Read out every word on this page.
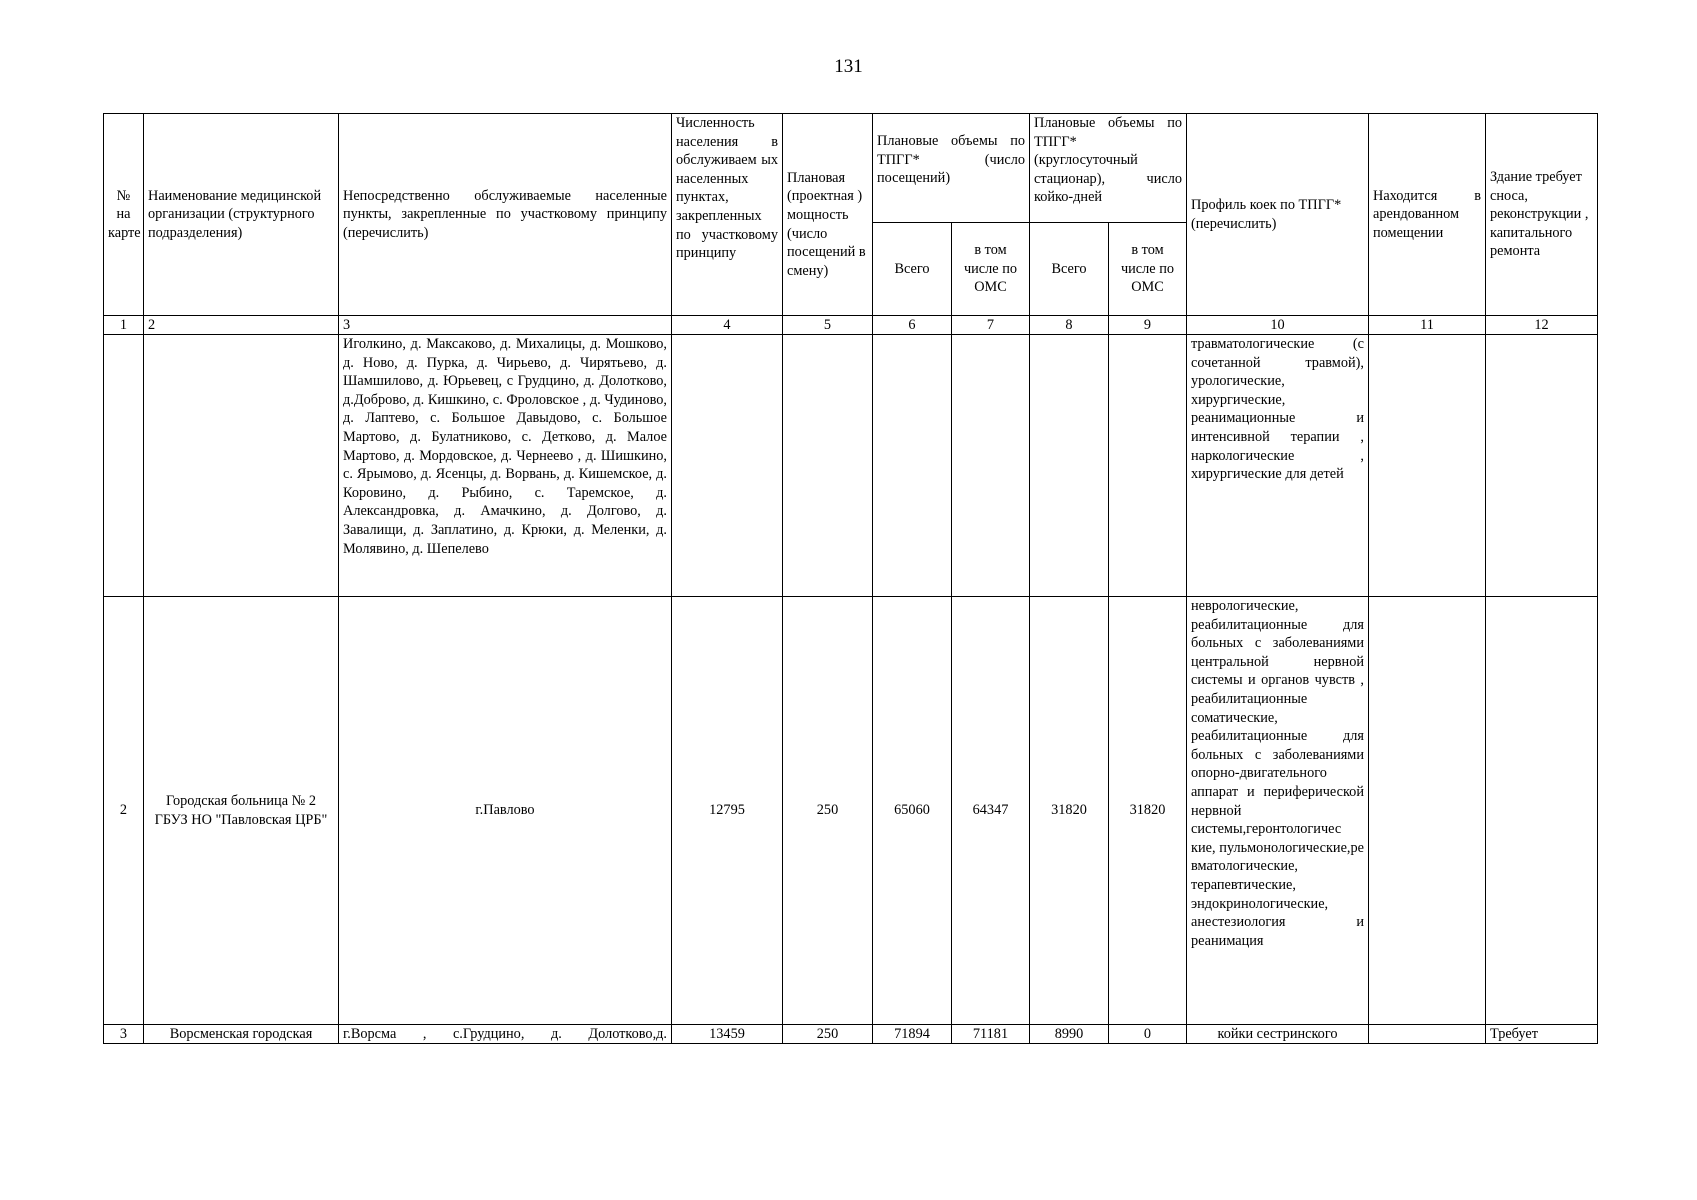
131
№ на карте	Наименование медицинской организации (структурного подразделения)	Непосредственно обслуживаемые населенные пункты, закрепленные по участковому принципу (перечислить)	Численность населения в обслуживаем ых населенных пунктах, закрепленных по участковому принципу	Плановая (проектная ) мощность (число посещений в смену)	Плановые объемы по ТПГГ* (число посещений)		Плановые объемы по ТПГГ* (круглосуточный стационар), число койко-дней		Профиль коек по ТПГГ* (перечислить)	Находится в арендованном помещении	Здание требует сноса, реконструкции , капитального ремонта
					Всего	в том числе по ОМС	Всего	в том числе по ОМС			
1	2	3	4	5	6	7	8	9	10	11	12
		Иголкино, д. Максаково, д. Михалицы, д. Мошково, д. Ново, д. Пурка, д. Чирьево, д. Чирятьево, д. Шамшилово, д. Юрьевец, с Грудцино, д. Долотково, д.Доброво, д. Кишкино, с. Фроловское , д. Чудиново, д. Лаптево, с. Большое Давыдово, с. Большое Мартово, д. Булатниково, с. Детково, д. Малое Мартово, д. Мордовское, д. Чернеево , д. Шишкино, с. Ярымово, д. Ясенцы, д. Ворвань, д. Кишемское, д. Коровино, д. Рыбино, с. Таремское, д. Александровка, д. Амачкино, д. Долгово, д. Завалищи, д. Заплатино, д. Крюки, д. Меленки, д. Молявино, д. Шепелево							травматологические (с сочетанной травмой), урологические, хирургические, реанимационные и интенсивной терапии , наркологические , хирургические для детей		
2	Городская больница № 2 ГБУЗ НО "Павловская ЦРБ"	г.Павлово	12795	250	65060	64347	31820	31820	неврологические, реабилитационные для больных с заболеваниями центральной нервной системы и органов чувств , реабилитационные соматические, реабилитационные для больных с заболеваниями опорно-двигательного аппарат и периферической нервной системы,геронтологичес кие, пульмонологические,ре вматологические, терапевтические, эндокринологические, анестезиология и реанимация		

3	Ворсменская городская	г.Ворсма , с.Грудцино, д. Долотково,д.	13459	250	71894	71181	8990	0	койки сестринского		Требует
